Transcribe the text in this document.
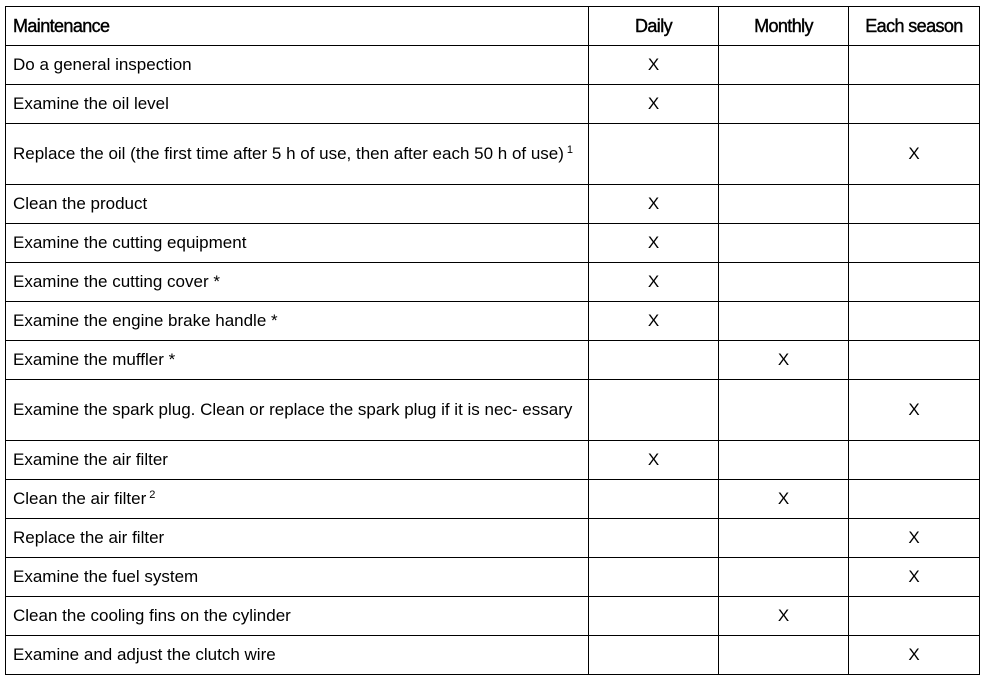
Maintenance	Daily	Monthly	Each season
Do a general inspection	X		
Examine the oil level	X		
Replace the oil (the first time after 5 h of use, then after each 50 h of use) $^1$			X
Clean the product	X		
Examine the cutting equipment	X		
Examine the cutting cover *	X		
Examine the engine brake handle *	X		
Examine the muffler *		X	
Examine the spark plug. Clean or replace the spark plug if it is nec- essary			X
Examine the air filter	X		
Clean the air filter $^2$		X	
Replace the air filter			X
Examine the fuel system			X
Clean the cooling fins on the cylinder		X	
Examine and adjust the clutch wire			X
